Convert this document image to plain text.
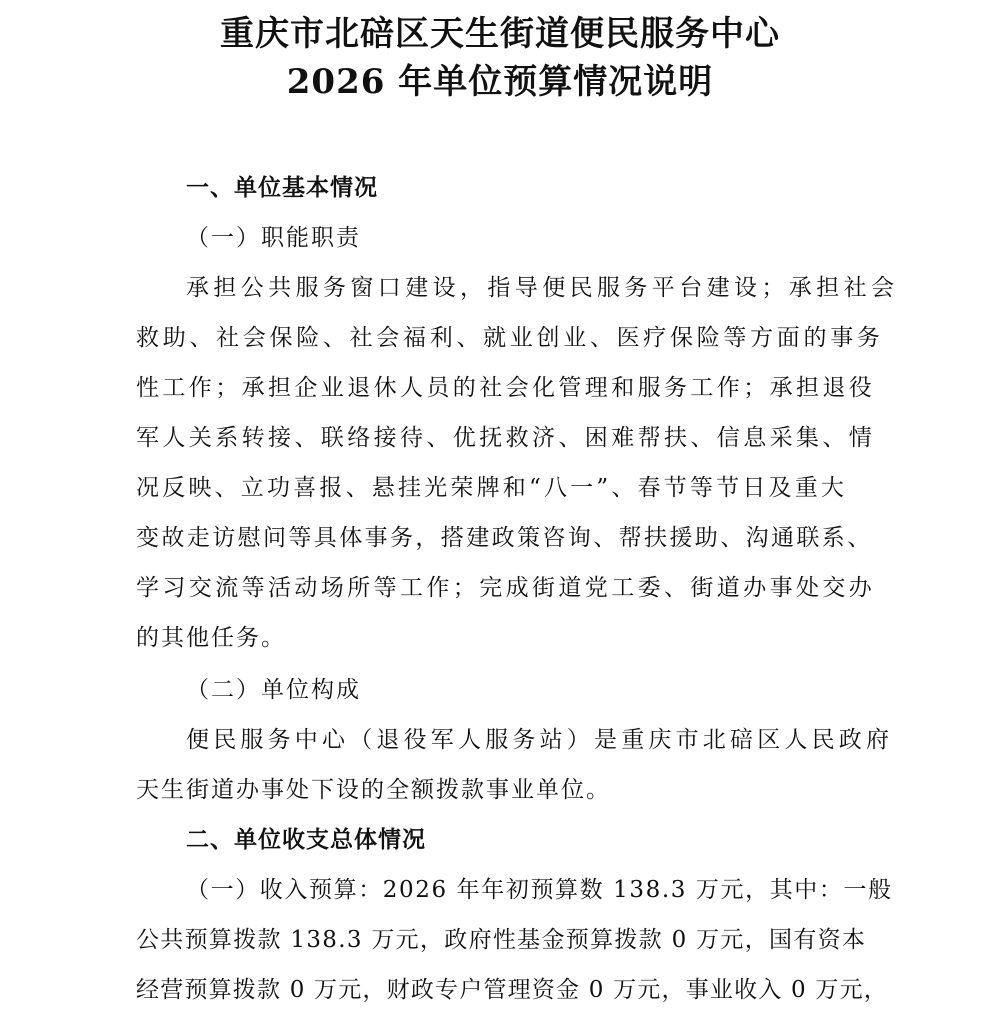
重庆市北碚区天生街道便民服务中心
2026 年单位预算情况说明
一、单位基本情况
（一）职能职责
承担公共服务窗口建设，指导便民服务平台建设；承担社会
救助、社会保险、社会福利、就业创业、医疗保险等方面的事务
性工作；承担企业退休人员的社会化管理和服务工作；承担退役
军人关系转接、联络接待、优抚救济、困难帮扶、信息采集、情
况反映、立功喜报、悬挂光荣牌和“八一”、春节等节日及重大
变故走访慰问等具体事务，搭建政策咨询、帮扶援助、沟通联系、
学习交流等活动场所等工作；完成街道党工委、街道办事处交办
的其他任务。
（二）单位构成
便民服务中心（退役军人服务站）是重庆市北碚区人民政府
天生街道办事处下设的全额拨款事业单位。
二、单位收支总体情况
（一）收入预算：2026 年年初预算数 138.3 万元，其中：一般
公共预算拨款 138.3 万元，政府性基金预算拨款 0 万元，国有资本
经营预算拨款 0 万元，财政专户管理资金 0 万元，事业收入 0 万元，
